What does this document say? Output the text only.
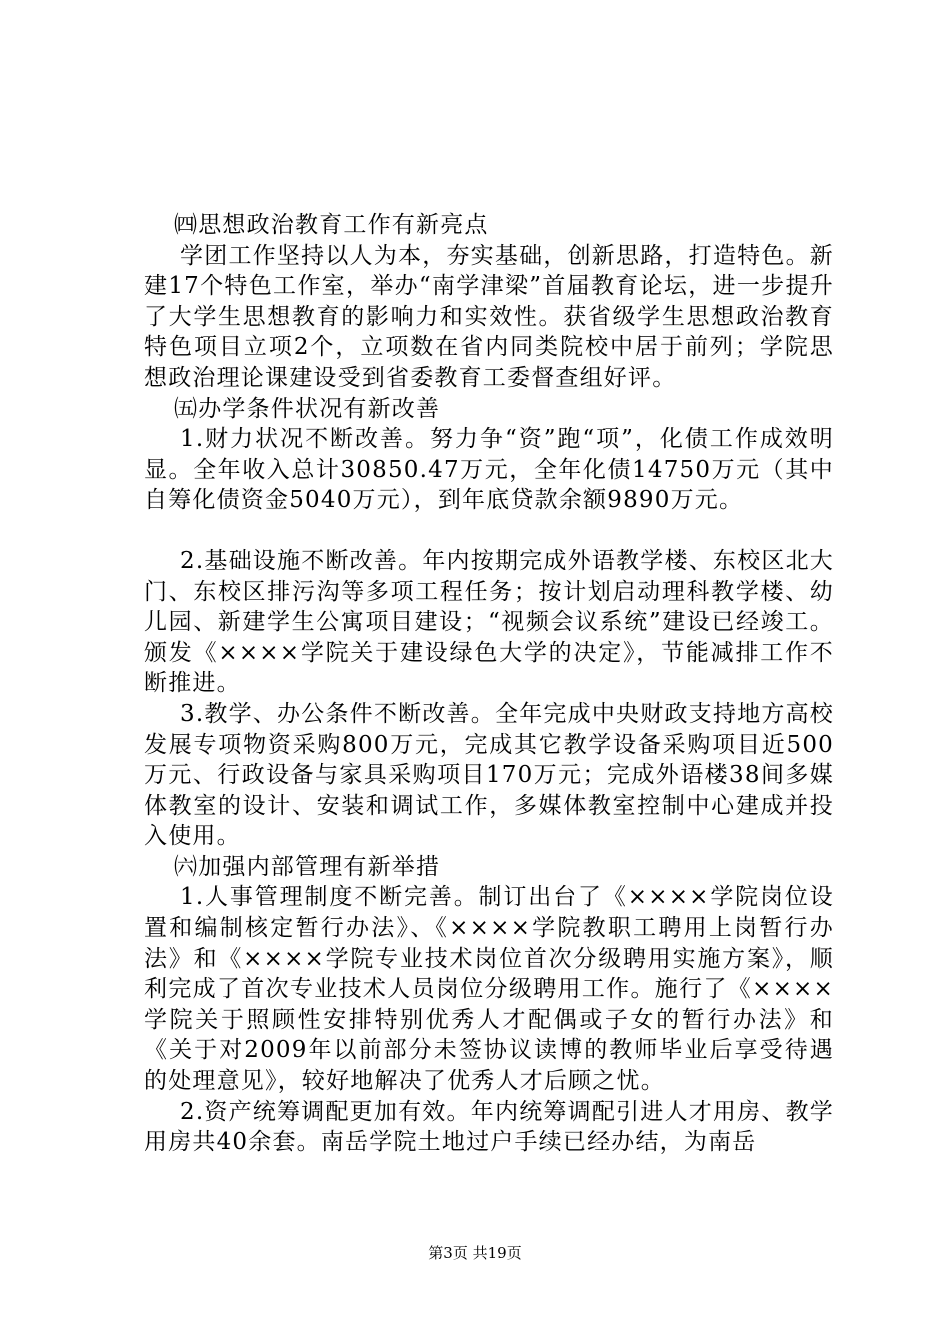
㈣思想政治教育工作有新亮点

学团工作坚持以人为本，夯实基础，创新思路，打造特色。新建17个特色工作室，举办“南学津梁”首届教育论坛，进一步提升了大学生思想教育的影响力和实效性。获省级学生思想政治教育特色项目立项2个，立项数在省内同类院校中居于前列；学院思想政治理论课建设受到省委教育工委督查组好评。

㈤办学条件状况有新改善

1.财力状况不断改善。努力争“资”跑“项”，化债工作成效明显。全年收入总计30850.47万元，全年化债14750万元（其中自筹化债资金5040万元），到年底贷款余额9890万元。

2.基础设施不断改善。年内按期完成外语教学楼、东校区北大门、东校区排污沟等多项工程任务；按计划启动理科教学楼、幼儿园、新建学生公寓项目建设；“视频会议系统”建设已经竣工。颁发《××××学院关于建设绿色大学的决定》，节能减排工作不断推进。

3.教学、办公条件不断改善。全年完成中央财政支持地方高校发展专项物资采购800万元，完成其它教学设备采购项目近500万元、行政设备与家具采购项目170万元；完成外语楼38间多媒体教室的设计、安装和调试工作，多媒体教室控制中心建成并投入使用。

㈥加强内部管理有新举措

1.人事管理制度不断完善。制订出台了《××××学院岗位设置和编制核定暂行办法》、《××××学院教职工聘用上岗暂行办法》和《××××学院专业技术岗位首次分级聘用实施方案》，顺利完成了首次专业技术人员岗位分级聘用工作。施行了《××××学院关于照顾性安排特别优秀人才配偶或子女的暂行办法》和《关于对2009年以前部分未签协议读博的教师毕业后享受待遇的处理意见》，较好地解决了优秀人才后顾之忧。

2.资产统筹调配更加有效。年内统筹调配引进人才用房、教学用房共40余套。南岳学院土地过户手续已经办结，为南岳

第3页 共19页
